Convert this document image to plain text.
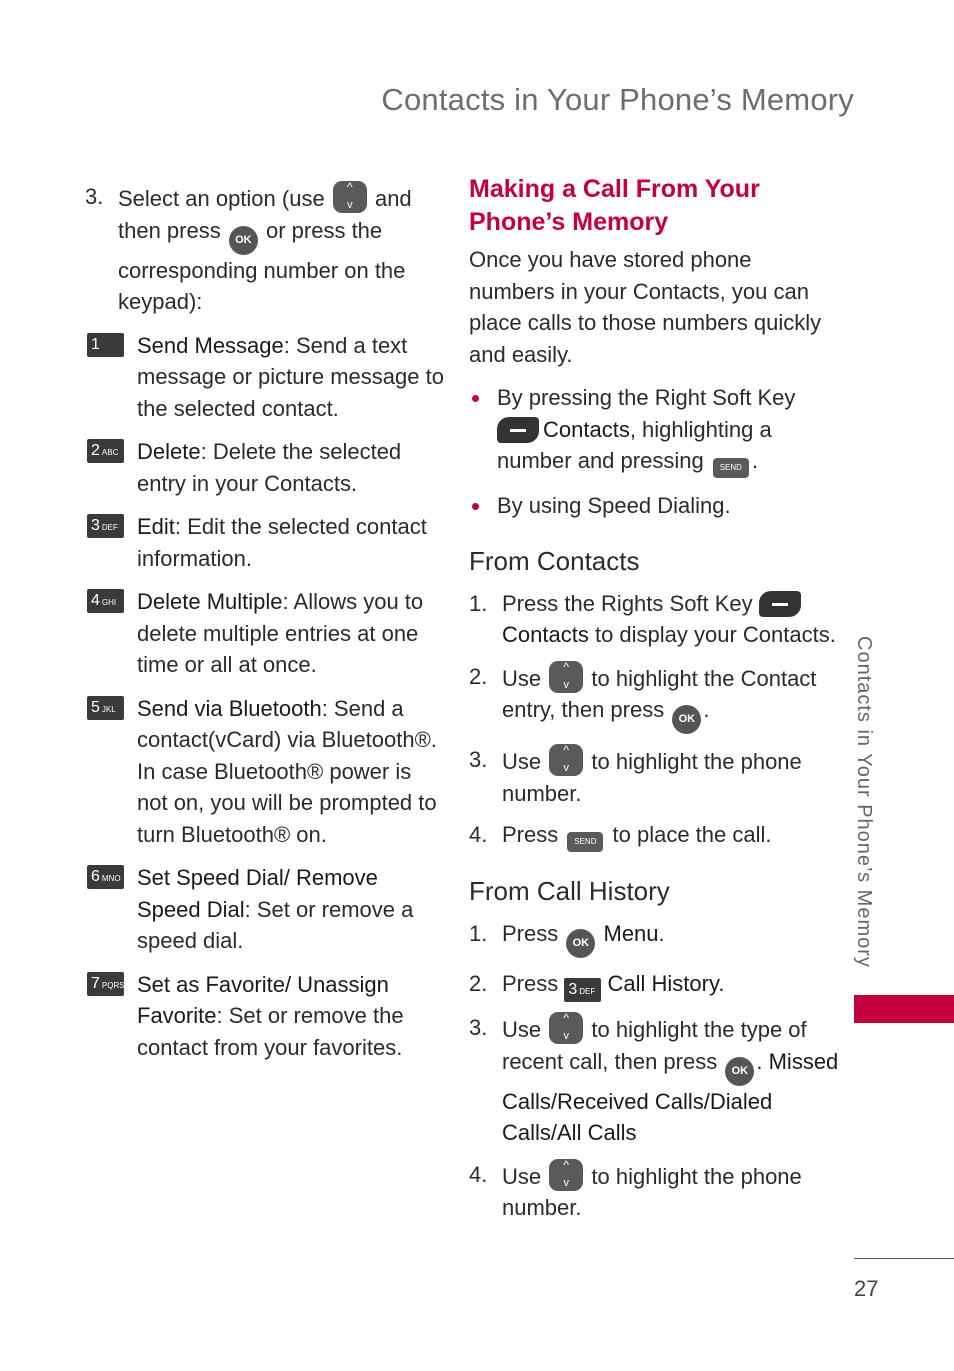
Contacts in Your Phone’s Memory
3. Select an option (use ^ v and then press OK or press the corresponding number on the keypad):
1	Send Message: Send a text message or picture message to the selected contact.
2 ABC Delete: Delete the selected entry in your Contacts.
3 DEF Edit: Edit the selected contact information.
4 GHI Delete Multiple: Allows you to delete multiple entries at one time or all at once.
5 JKL Send via Bluetooth: Send a contact(vCard) via Bluetooth®. In case Bluetooth® power is not on, you will be prompted to turn Bluetooth® on.
6 MNO Set Speed Dial/ Remove Speed Dial: Set or remove a speed dial.
7 PQRS Set as Favorite/ Unassign Favorite: Set or remove the contact from your favorites.
Making a Call From Your Phone’s Memory
Once you have stored phone numbers in your Contacts, you can place calls to those numbers quickly and easily.
By pressing the Right Soft Key Contacts, highlighting a number and pressing SEND .
By using Speed Dialing.
From Contacts
1. Press the Rights Soft Key Contacts to display your Contacts.
2. Use ^ v to highlight the Contact entry, then press OK .
3. Use ^ v to highlight the phone number.
4. Press SEND to place the call.
From Call History
1. Press OK Menu.
2. Press 3 DEF Call History.
3. Use ^ v to highlight the type of recent call, then press OK . Missed Calls/Received Calls/Dialed Calls/All Calls
4. Use ^ v to highlight the phone number.
Contacts in Your Phone’s Memory
27
